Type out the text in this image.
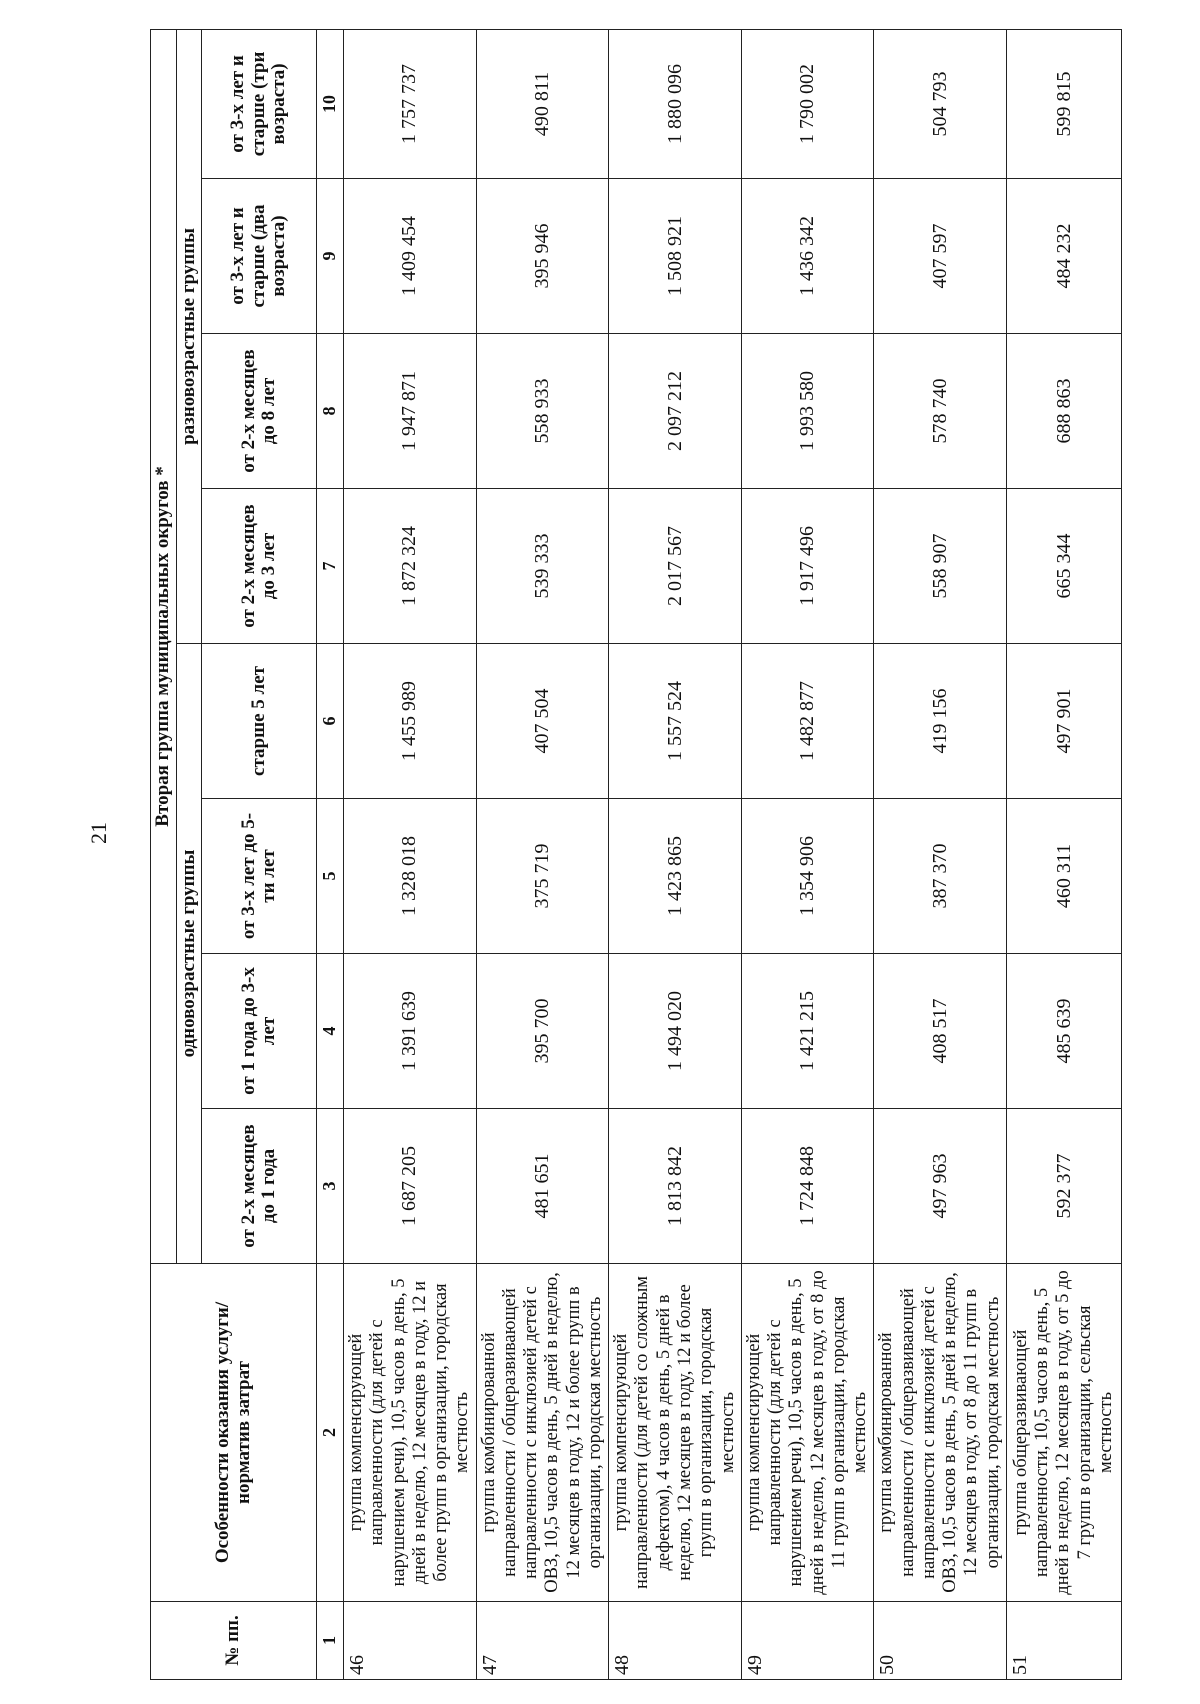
21
№ пп.	Особенности оказания услуги/норматив затрат	Вторая группа муниципальных округов *							
		одновозрастные группы				разновозрастные группы			
		от 2-х месяцев до 1 года	от 1 года до 3-х лет	от 3-х лет до 5-ти лет	старше 5 лет	от 2-х месяцев до 3 лет	от 2-х месяцев до 8 лет	от 3-х лет и старше (два возраста)	от 3-х лет и старше (три возраста)
1	2	3	4	5	6	7	8	9	10
46	группа компенсирующей направленности (для детей с нарушением речи), 10,5 часов в день, 5 дней в неделю, 12 месяцев в году, 12 и более групп в организации, городская местность	1 687 205	1 391 639	1 328 018	1 455 989	1 872 324	1 947 871	1 409 454	1 757 737
47	группа комбинированной направленности / общеразвивающей направленности с инклюзией детей с ОВЗ, 10,5 часов в день, 5 дней в неделю, 12 месяцев в году, 12 и более групп в организации, городская местность	481 651	395 700	375 719	407 504	539 333	558 933	395 946	490 811
48	группа компенсирующей направленности (для детей со сложным дефектом), 4 часов в день, 5 дней в неделю, 12 месяцев в году, 12 и более групп в организации, городская местность	1 813 842	1 494 020	1 423 865	1 557 524	2 017 567	2 097 212	1 508 921	1 880 096
49	группа компенсирующей направленности (для детей с нарушением речи), 10,5 часов в день, 5 дней в неделю, 12 месяцев в году, от 8 до 11 групп в организации, городская местность	1 724 848	1 421 215	1 354 906	1 482 877	1 917 496	1 993 580	1 436 342	1 790 002
50	группа комбинированной направленности / общеразвивающей направленности с инклюзией детей с ОВЗ, 10,5 часов в день, 5 дней в неделю, 12 месяцев в году, от 8 до 11 групп в организации, городская местность	497 963	408 517	387 370	419 156	558 907	578 740	407 597	504 793
51	группа общеразвивающей направленности, 10,5 часов в день, 5 дней в неделю, 12 месяцев в году, от 5 до 7 групп в организации, сельская местность	592 377	485 639	460 311	497 901	665 344	688 863	484 232	599 815
